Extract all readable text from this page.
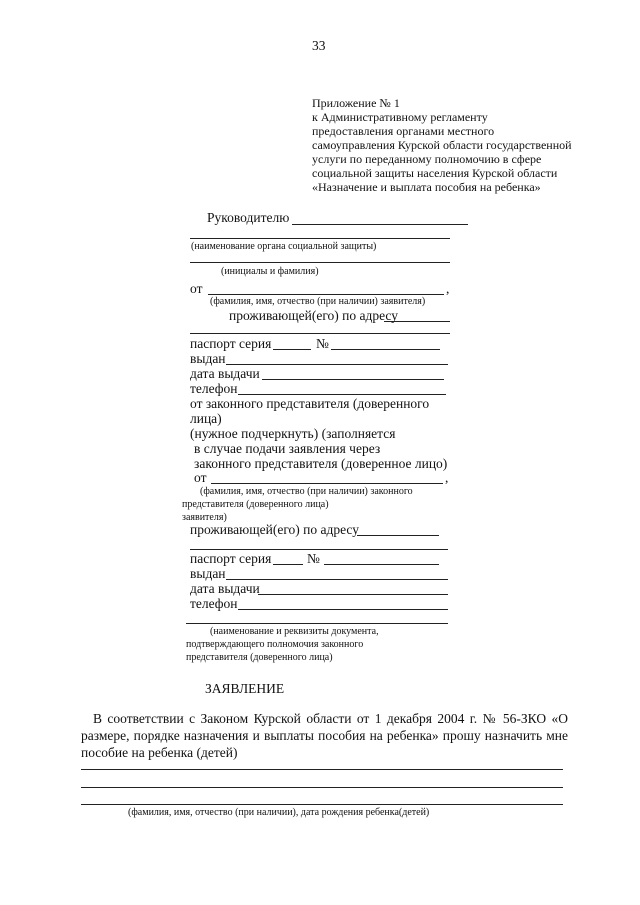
33
Приложение № 1
к Административному регламенту
предоставления органами местного
самоуправления Курской области государственной
услуги по переданному полномочию в сфере
социальной защиты населения Курской области
«Назначение и выплата пособия на ребенка»
Руководителю
(наименование органа социальной защиты)
(инициалы и фамилия)
от	,
(фамилия, имя, отчество (при наличии) заявителя)
проживающей(его) по адресу
паспорт серия	№
выдан
дата выдачи
телефон
от законного представителя (доверенного
лица)
(нужное подчеркнуть) (заполняется
в случае подачи заявления через
законного представителя (доверенное лицо)
от	,
(фамилия, имя, отчество (при наличии) законного
представителя (доверенного лица)
заявителя)
проживающей(его) по адресу
паспорт серия	№
выдан
дата выдачи
телефон
(наименование и реквизиты документа,
подтверждающего полномочия законного
представителя (доверенного лица)
ЗАЯВЛЕНИЕ
В соответствии с Законом Курской области от 1 декабря 2004 г. № 56-ЗКО «О размере, порядке назначения и выплаты пособия на ребенка» прошу назначить мне пособие на ребенка (детей)
(фамилия, имя, отчество (при наличии), дата рождения ребенка(детей)
